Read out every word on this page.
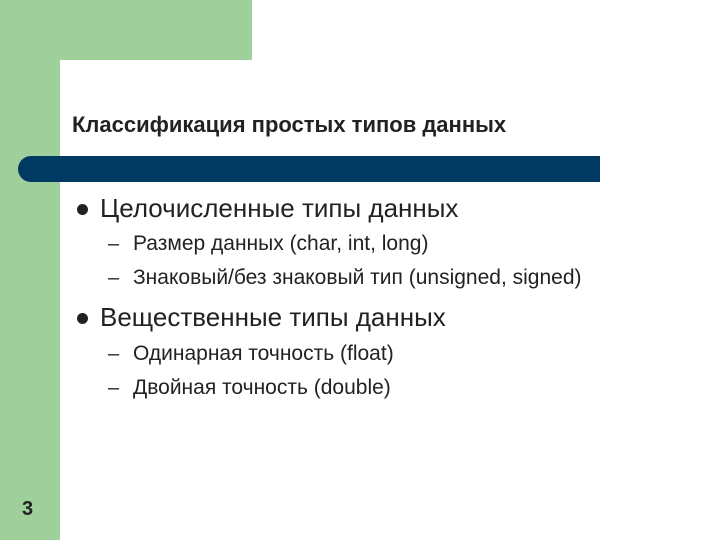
Классификация простых типов данных
Целочисленные типы данных
– Размер данных (char, int, long)
– Знаковый/без знаковый тип (unsigned, signed)
Вещественные типы данных
– Одинарная точность (float)
– Двойная точность (double)
3
